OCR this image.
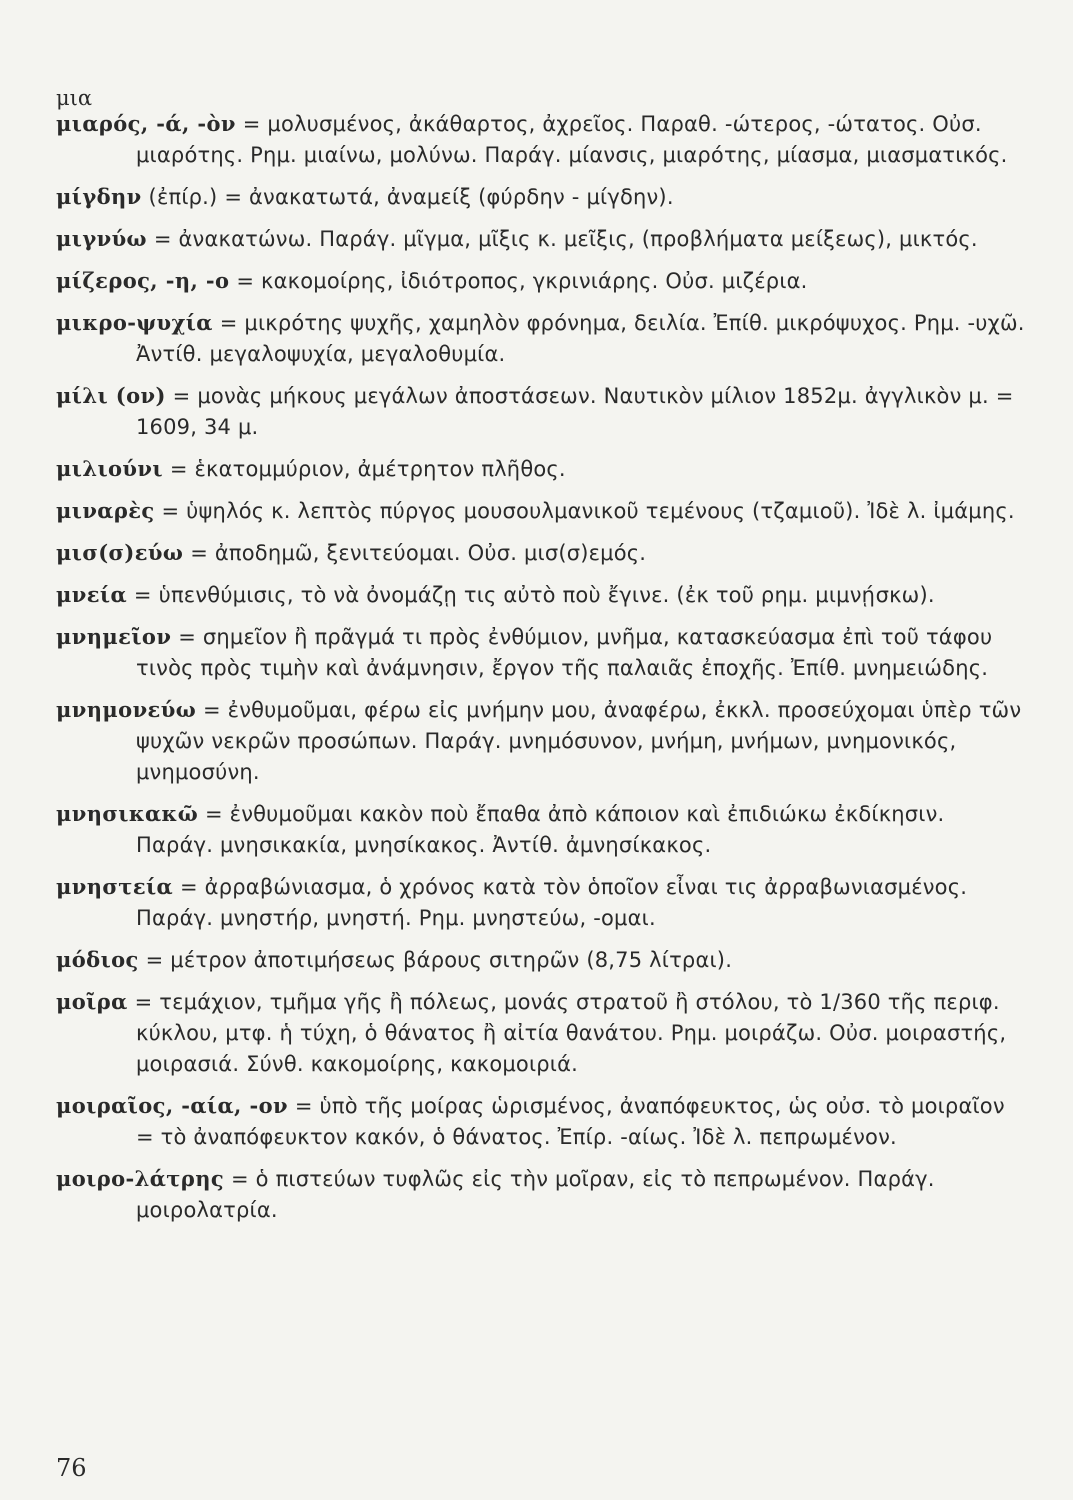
μια

μιαρός, -ά, -ὸν = μολυσμένος, ἀκάθαρτος, ἀχρεῖος. Παραθ. -ώτερος, -ώτατος. Οὐσ. μιαρότης. Ρημ. μιαίνω, μολύνω. Παράγ. μίανσις, μιαρότης, μίασμα, μιασματικός.

μίγδην (ἐπίρ.) = ἀνακατωτά, ἀναμείξ (φύρδην - μίγδην).

μιγνύω = ἀνακατώνω. Παράγ. μῖγμα, μῖξις κ. μεῖξις, (προβλήματα μείξεως), μικτός.

μίζερος, -η, -ο = κακομοίρης, ἰδιότροπος, γκρινιάρης. Οὐσ. μιζέρια.

μικρο-ψυχία = μικρότης ψυχῆς, χαμηλὸν φρόνημα, δειλία. Ἐπίθ. μικρόψυχος. Ρημ. -υχῶ. Ἀντίθ. μεγαλοψυχία, μεγαλοθυμία.

μίλι (ον) = μονὰς μήκους μεγάλων ἀποστάσεων. Ναυτικὸν μίλιον 1852μ. ἀγγλικὸν μ. = 1609, 34 μ.

μιλιούνι = ἑκατομμύριον, ἀμέτρητον πλῆθος.

μιναρὲς = ὑψηλός κ. λεπτὸς πύργος μουσουλμανικοῦ τεμένους (τζαμιοῦ). Ἰδὲ λ. ἰμάμης.

μισ(σ)εύω = ἀποδημῶ, ξενιτεύομαι. Οὐσ. μισ(σ)εμός.

μνεία = ὑπενθύμισις, τὸ νὰ ὀνομάζῃ τις αὐτὸ ποὺ ἔγινε. (ἐκ τοῦ ρημ. μιμνῄσκω).

μνημεῖον = σημεῖον ἢ πρᾶγμά τι πρὸς ἐνθύμιον, μνῆμα, κατασκεύασμα ἐπὶ τοῦ τάφου τινὸς πρὸς τιμὴν καὶ ἀνάμνησιν, ἔργον τῆς παλαιᾶς ἐποχῆς. Ἐπίθ. μνημειώδης.

μνημονεύω = ἐνθυμοῦμαι, φέρω εἰς μνήμην μου, ἀναφέρω, ἐκκλ. προσεύχομαι ὑπὲρ τῶν ψυχῶν νεκρῶν προσώπων. Παράγ. μνημόσυνον, μνήμη, μνήμων, μνημονικός, μνημοσύνη.

μνησικακῶ = ἐνθυμοῦμαι κακὸν ποὺ ἔπαθα ἀπὸ κάποιον καὶ ἐπιδιώκω ἐκδίκησιν. Παράγ. μνησικακία, μνησίκακος. Ἀντίθ. ἀμνησίκακος.

μνηστεία = ἀρραβώνιασμα, ὁ χρόνος κατὰ τὸν ὁποῖον εἶναι τις ἀρραβωνιασμένος. Παράγ. μνηστήρ, μνηστή. Ρημ. μνηστεύω, -ομαι.

μόδιος = μέτρον ἀποτιμήσεως βάρους σιτηρῶν (8,75 λίτραι).

μοῖρα = τεμάχιον, τμῆμα γῆς ἢ πόλεως, μονάς στρατοῦ ἢ στόλου, τὸ 1/360 τῆς περιφ. κύκλου, μτφ. ἡ τύχη, ὁ θάνατος ἢ αἰτία θανάτου. Ρημ. μοιράζω. Οὐσ. μοιραστής, μοιρασιά. Σύνθ. κακομοίρης, κακομοιριά.

μοιραῖος, -αία, -ον = ὑπὸ τῆς μοίρας ὡρισμένος, ἀναπόφευκτος, ὡς οὐσ. τὸ μοιραῖον = τὸ ἀναπόφευκτον κακόν, ὁ θάνατος. Ἐπίρ. -αίως. Ἰδὲ λ. πεπρωμένον.

μοιρο-λάτρης = ὁ πιστεύων τυφλῶς εἰς τὴν μοῖραν, εἰς τὸ πεπρωμένον. Παράγ. μοιρολατρία.

76
